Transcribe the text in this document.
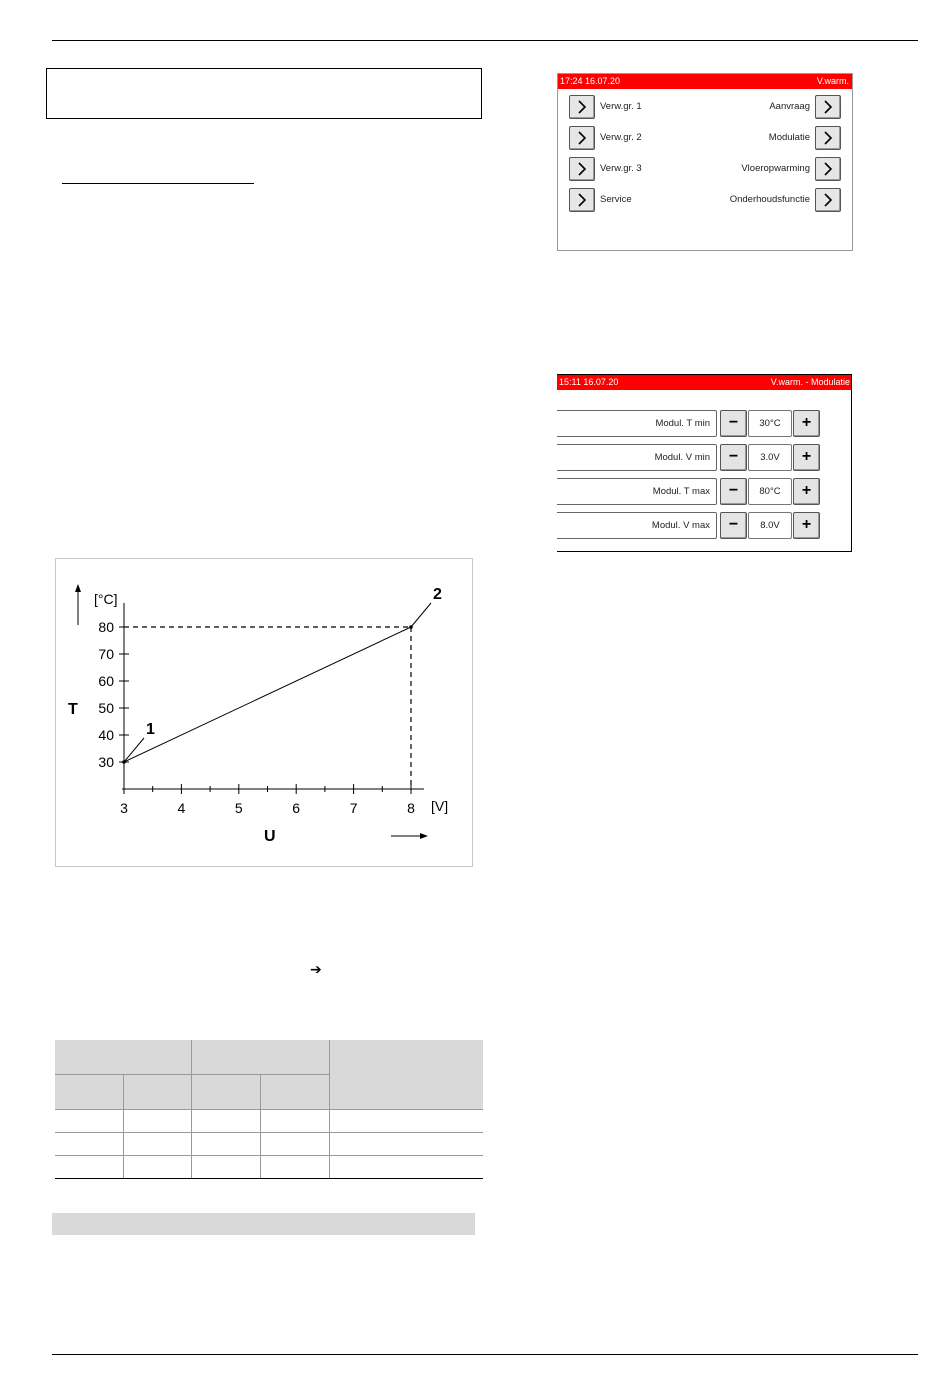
17:24 16.07.20	V.warm.
Verw.gr. 1
Verw.gr. 2
Verw.gr. 3
Service
Aanvraag
Modulatie
Vloeropwarming
Onderhoudsfunctie
15:11 16.07.20	V.warm. - Modulatie
Modul. T min	−	30°C	+
Modul. V min	−	3.0V	+
Modul. T max	−	80°C	+
Modul. V max	−	8.0V	+
3	4	5	6	7	8
30
40
50
60
70
80
1
2
[°C]
T
[V]
U
➔
